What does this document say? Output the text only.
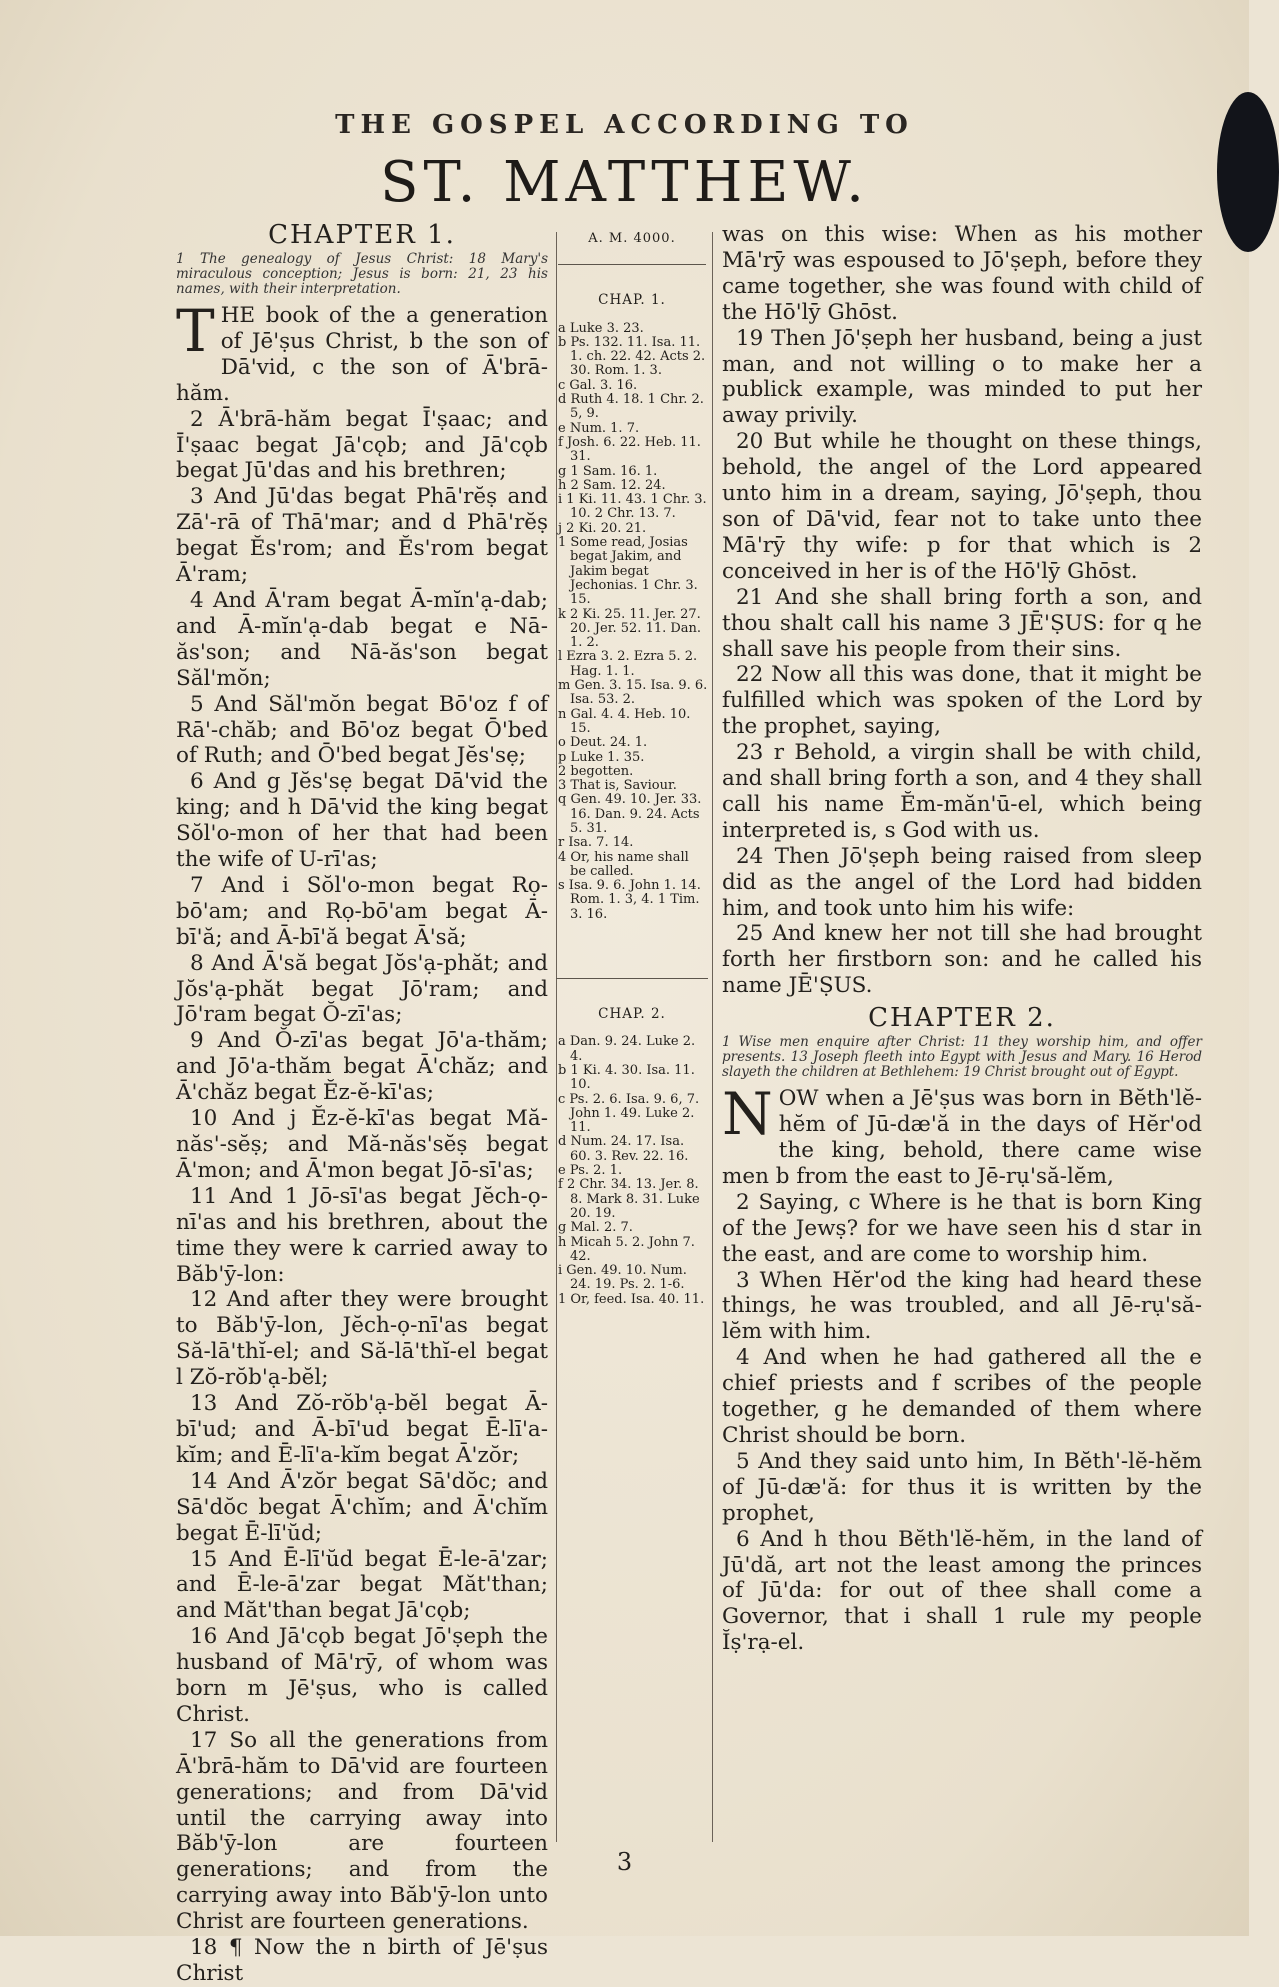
THE GOSPEL ACCORDING TO
ST. MATTHEW.
CHAPTER 1.
1 The genealogy of Jesus Christ: 18 Mary's miraculous conception; Jesus is born: 21, 23 his names, with their interpretation.

THE book of the a generation of Jē'ṣus Christ, b the son of Dā'vid, c the son of Ā'brā-hăm.

2 Ā'brā-hăm begat Ī'ṣaac; and Ī'ṣaac begat Jā'cǫb; and Jā'cǫb begat Jū'das and his brethren;

3 And Jū'das begat Phā'rĕṣ and Zā'-rā of Thā'mar; and d Phā'rĕṣ begat Ĕs'rom; and Ĕs'rom begat Ā'ram;

4 And Ā'ram begat Ā-mĭn'ạ-dab; and Ā-mĭn'ạ-dab begat e Nā-ăs'son; and Nā-ăs'son begat Săl'mŏn;

5 And Săl'mŏn begat Bō'oz f of Rā'-chăb; and Bō'oz begat Ō'bed of Ruth; and Ō'bed begat Jĕs'sẹ;

6 And g Jĕs'sẹ begat Dā'vid the king; and h Dā'vid the king begat Sŏl'o-mon of her that had been the wife of U-rī'as;

7 And i Sŏl'o-mon begat Rọ-bō'am; and Rọ-bō'am begat Ā-bī'ă; and Ā-bī'ă begat Ā'să;

8 And Ā'să begat Jŏs'ạ-phăt; and Jŏs'ạ-phăt begat Jō'ram; and Jō'ram begat Ŏ-zī'as;

9 And Ŏ-zī'as begat Jō'a-thăm; and Jō'a-thăm begat Ā'chăz; and Ā'chăz begat Ĕz-ĕ-kī'as;

10 And j Ĕz-ĕ-kī'as begat Mă-năs'-sĕṣ; and Mă-năs'sĕṣ begat Ā'mon; and Ā'mon begat Jō-sī'as;

11 And 1 Jō-sī'as begat Jĕch-ọ-nī'as and his brethren, about the time they were k carried away to Băb'ȳ-lon:

12 And after they were brought to Băb'ȳ-lon, Jĕch-ọ-nī'as begat Să-lā'thĭ-el; and Să-lā'thĭ-el begat l Zŏ-rŏb'ạ-bĕl;

13 And Zŏ-rŏb'ạ-bĕl begat Ā-bī'ud; and Ā-bī'ud begat Ē-lī'a-kĭm; and Ē-lī'a-kĭm begat Ā'zŏr;

14 And Ā'zŏr begat Sā'dŏc; and Sā'dŏc begat Ā'chĭm; and Ā'chĭm begat Ē-lī'ŭd;

15 And Ē-lī'ŭd begat Ē-le-ā'zar; and Ē-le-ā'zar begat Măt'than; and Măt'than begat Jā'cǫb;

16 And Jā'cǫb begat Jō'ṣeph the husband of Mā'rȳ, of whom was born m Jē'ṣus, who is called Christ.

17 So all the generations from Ā'brā-hăm to Dā'vid are fourteen generations; and from Dā'vid until the carrying away into Băb'ȳ-lon are fourteen generations; and from the carrying away into Băb'ȳ-lon unto Christ are fourteen generations.

18 ¶ Now the n birth of Jē'ṣus Christ

A. M. 4000.
CHAP. 1.

a Luke 3. 23.

b Ps. 132. 11. Isa. 11. 1. ch. 22. 42. Acts 2. 30. Rom. 1. 3.

c Gal. 3. 16.

d Ruth 4. 18. 1 Chr. 2. 5, 9.

e Num. 1. 7.

f Josh. 6. 22. Heb. 11. 31.

g 1 Sam. 16. 1.

h 2 Sam. 12. 24.

i 1 Ki. 11. 43. 1 Chr. 3. 10. 2 Chr. 13. 7.

j 2 Ki. 20. 21.

1 Some read, Josias begat Jakim, and Jakim begat Jechonias. 1 Chr. 3. 15.

k 2 Ki. 25. 11. Jer. 27. 20. Jer. 52. 11. Dan. 1. 2.

l Ezra 3. 2. Ezra 5. 2. Hag. 1. 1.

m Gen. 3. 15. Isa. 9. 6. Isa. 53. 2.

n Gal. 4. 4. Heb. 10. 15.

o Deut. 24. 1.

p Luke 1. 35.

2 begotten.

3 That is, Saviour.

q Gen. 49. 10. Jer. 33. 16. Dan. 9. 24. Acts 5. 31.

r Isa. 7. 14.

4 Or, his name shall be called.

s Isa. 9. 6. John 1. 14. Rom. 1. 3, 4. 1 Tim. 3. 16.

CHAP. 2.

a Dan. 9. 24. Luke 2. 4.

b 1 Ki. 4. 30. Isa. 11. 10.

c Ps. 2. 6. Isa. 9. 6, 7. John 1. 49. Luke 2. 11.

d Num. 24. 17. Isa. 60. 3. Rev. 22. 16.

e Ps. 2. 1.

f 2 Chr. 34. 13. Jer. 8. 8. Mark 8. 31. Luke 20. 19.

g Mal. 2. 7.

h Micah 5. 2. John 7. 42.

i Gen. 49. 10. Num. 24. 19. Ps. 2. 1-6.

1 Or, feed. Isa. 40. 11.

was on this wise: When as his mother Mā'rȳ was espoused to Jō'ṣeph, before they came together, she was found with child of the Hō'lȳ Ghōst.

19 Then Jō'ṣeph her husband, being a just man, and not willing o to make her a publick example, was minded to put her away privily.

20 But while he thought on these things, behold, the angel of the Lord appeared unto him in a dream, saying, Jō'ṣeph, thou son of Dā'vid, fear not to take unto thee Mā'rȳ thy wife: p for that which is 2 conceived in her is of the Hō'lȳ Ghōst.

21 And she shall bring forth a son, and thou shalt call his name 3 JĒ'ṢUS: for q he shall save his people from their sins.

22 Now all this was done, that it might be fulfilled which was spoken of the Lord by the prophet, saying,

23 r Behold, a virgin shall be with child, and shall bring forth a son, and 4 they shall call his name Ĕm-măn'ū-el, which being interpreted is, s God with us.

24 Then Jō'ṣeph being raised from sleep did as the angel of the Lord had bidden him, and took unto him his wife:

25 And knew her not till she had brought forth her firstborn son: and he called his name JĒ'ṢUS.

CHAPTER 2.
1 Wise men enquire after Christ: 11 they worship him, and offer presents. 13 Joseph fleeth into Egypt with Jesus and Mary. 16 Herod slayeth the children at Bethlehem: 19 Christ brought out of Egypt.

NOW when a Jē'ṣus was born in Bĕth'lĕ-hĕm of Jū-dæ'ă in the days of Hĕr'od the king, behold, there came wise men b from the east to Jē-rụ'să-lĕm,

2 Saying, c Where is he that is born King of the Jewṣ? for we have seen his d star in the east, and are come to worship him.

3 When Hĕr'od the king had heard these things, he was troubled, and all Jē-rụ'să-lĕm with him.

4 And when he had gathered all the e chief priests and f scribes of the people together, g he demanded of them where Christ should be born.

5 And they said unto him, In Bĕth'-lĕ-hĕm of Jū-dæ'ă: for thus it is written by the prophet,

6 And h thou Bĕth'lĕ-hĕm, in the land of Jū'dă, art not the least among the princes of Jū'da: for out of thee shall come a Governor, that i shall 1 rule my people Ĭṣ'rạ-el.

3
